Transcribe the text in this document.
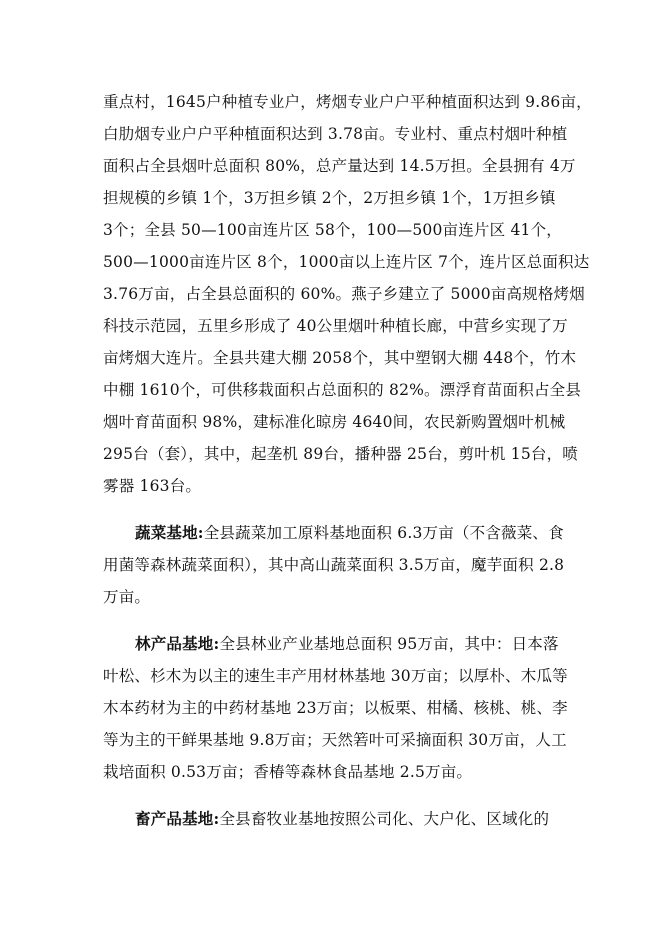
重点村，1645户种植专业户，烤烟专业户户平种植面积达到 9.86亩，
白肋烟专业户户平种植面积达到 3.78亩。专业村、重点村烟叶种植
面积占全县烟叶总面积 80%，总产量达到 14.5万担。全县拥有 4万
担规模的乡镇 1个，3万担乡镇 2个，2万担乡镇 1个，1万担乡镇
3个；全县 50—100亩连片区 58个，100—500亩连片区 41个，
500—1000亩连片区 8个，1000亩以上连片区 7个，连片区总面积达
3.76万亩，占全县总面积的 60%。燕子乡建立了 5000亩高规格烤烟
科技示范园，五里乡形成了 40公里烟叶种植长廊，中营乡实现了万
亩烤烟大连片。全县共建大棚 2058个，其中塑钢大棚 448个，竹木
中棚 1610个，可供移栽面积占总面积的 82%。漂浮育苗面积占全县
烟叶育苗面积 98%，建标准化晾房 4640间，农民新购置烟叶机械
295台（套），其中，起垄机 89台，播种器 25台，剪叶机 15台，喷
雾器 163台。
蔬菜基地:全县蔬菜加工原料基地面积 6.3万亩（不含薇菜、食
用菌等森林蔬菜面积），其中高山蔬菜面积 3.5万亩，魔芋面积 2.8
万亩。
林产品基地:全县林业产业基地总面积 95万亩，其中：日本落
叶松、杉木为以主的速生丰产用材林基地 30万亩；以厚朴、木瓜等
木本药材为主的中药材基地 23万亩；以板栗、柑橘、核桃、桃、李
等为主的干鲜果基地 9.8万亩；天然箬叶可采摘面积 30万亩，人工
栽培面积 0.53万亩；香椿等森林食品基地 2.5万亩。
畜产品基地:全县畜牧业基地按照公司化、大户化、区域化的
